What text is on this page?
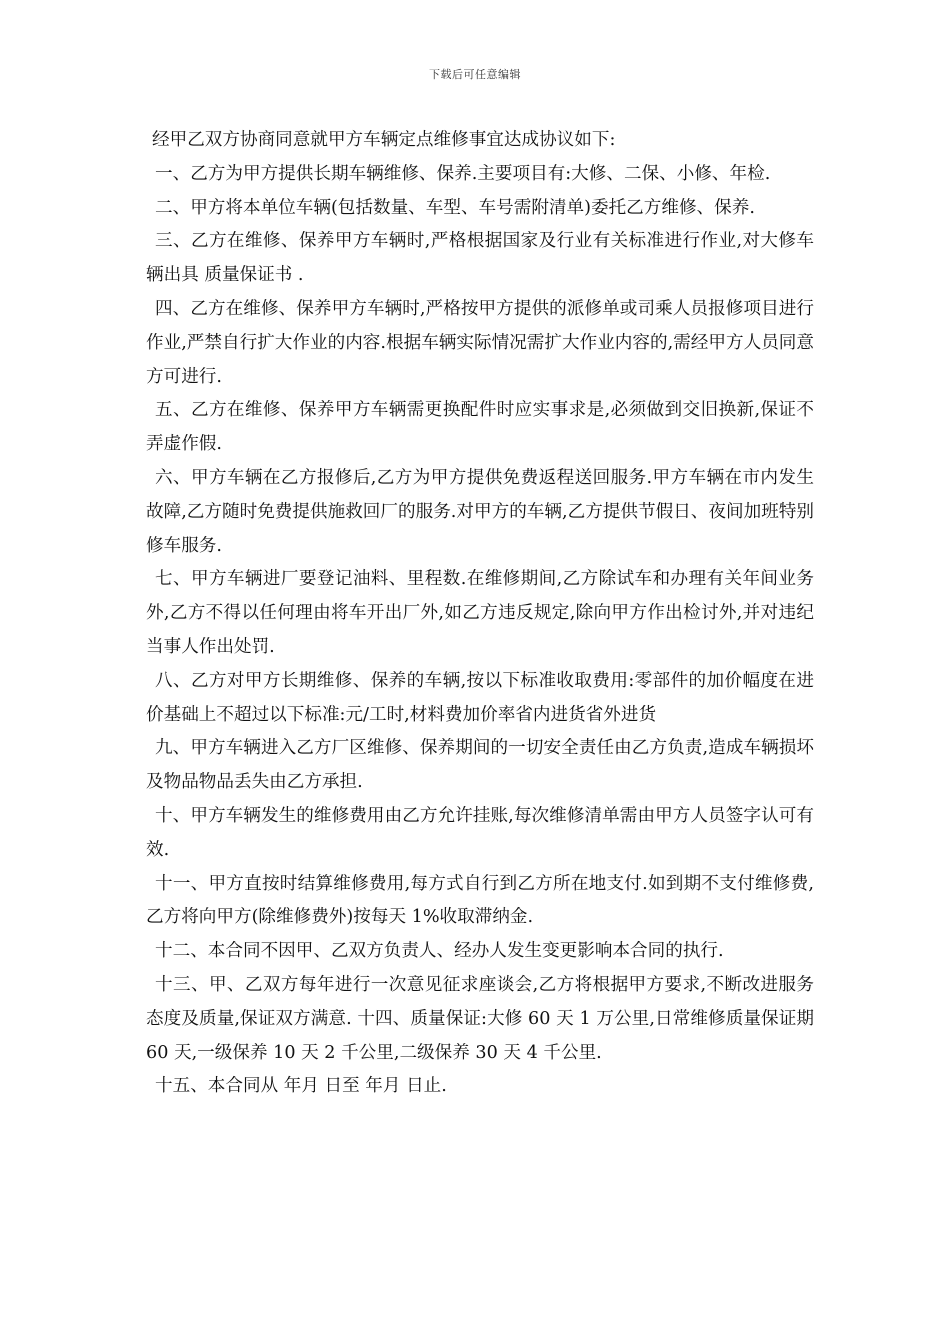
下载后可任意编辑

经甲乙双方协商同意就甲方车辆定点维修事宜达成协议如下:

一、乙方为甲方提供长期车辆维修、保养.主要项目有:大修、二保、小修、年检.

二、甲方将本单位车辆(包括数量、车型、车号需附清单)委托乙方维修、保养.

三、乙方在维修、保养甲方车辆时,严格根据国家及行业有关标准进行作业,对大修车辆出具 质量保证书 .

四、乙方在维修、保养甲方车辆时,严格按甲方提供的派修单或司乘人员报修项目进行作业,严禁自行扩大作业的内容.根据车辆实际情况需扩大作业内容的,需经甲方人员同意方可进行.

五、乙方在维修、保养甲方车辆需更换配件时应实事求是,必须做到交旧换新,保证不弄虚作假.

六、甲方车辆在乙方报修后,乙方为甲方提供免费返程送回服务.甲方车辆在市内发生故障,乙方随时免费提供施救回厂的服务.对甲方的车辆,乙方提供节假日、夜间加班特别修车服务.

七、甲方车辆进厂要登记油料、里程数.在维修期间,乙方除试车和办理有关年间业务外,乙方不得以任何理由将车开出厂外,如乙方违反规定,除向甲方作出检讨外,并对违纪当事人作出处罚.

八、乙方对甲方长期维修、保养的车辆,按以下标准收取费用:零部件的加价幅度在进价基础上不超过以下标准:元/工时,材料费加价率省内进货省外进货

九、甲方车辆进入乙方厂区维修、保养期间的一切安全责任由乙方负责,造成车辆损坏及物品物品丢失由乙方承担.

十、甲方车辆发生的维修费用由乙方允许挂账,每次维修清单需由甲方人员签字认可有效.

十一、甲方直按时结算维修费用,每方式自行到乙方所在地支付.如到期不支付维修费,乙方将向甲方(除维修费外)按每天 1%收取滞纳金.

十二、本合同不因甲、乙双方负责人、经办人发生变更影响本合同的执行.

十三、甲、乙双方每年进行一次意见征求座谈会,乙方将根据甲方要求,不断改进服务态度及质量,保证双方满意. 十四、质量保证:大修 60 天 1 万公里,日常维修质量保证期 60 天,一级保养 10 天 2 千公里,二级保养 30 天 4 千公里.

十五、本合同从 年月 日至 年月 日止.
